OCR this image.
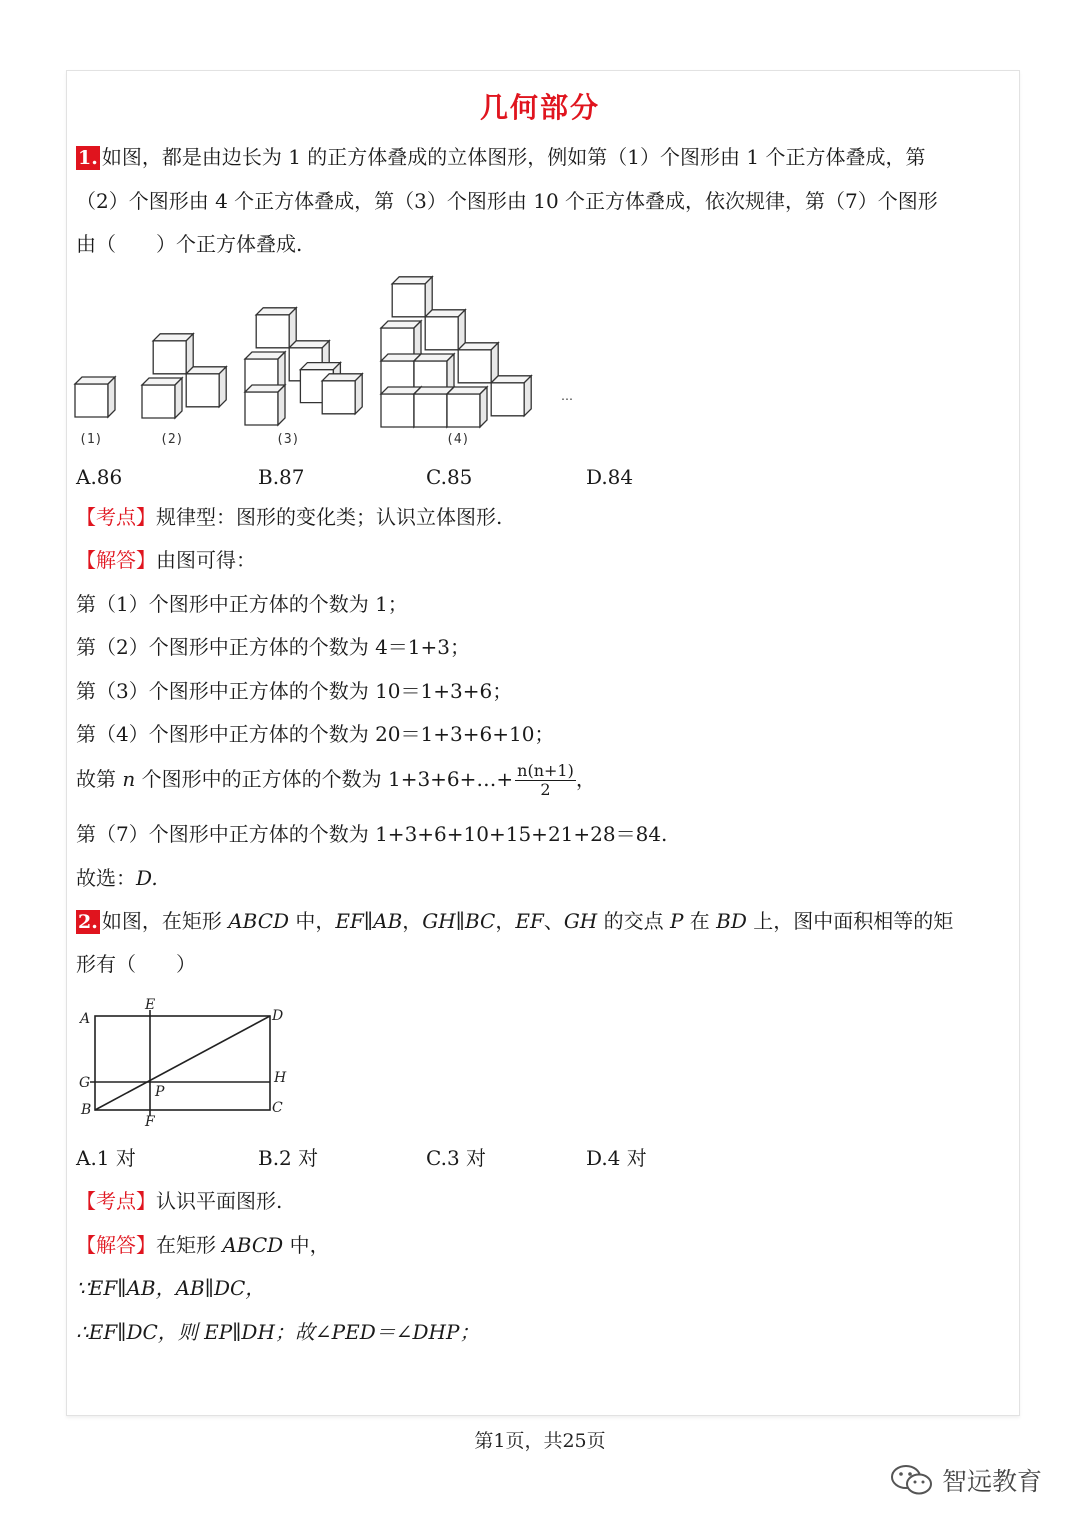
几何部分
1. 如图，都是由边长为 1 的正方体叠成的立体图形，例如第（1）个图形由 1 个正方体叠成，第
（2）个图形由 4 个正方体叠成，第（3）个图形由 10 个正方体叠成，依次规律，第（7）个图形
由（　　）个正方体叠成.
(1)	(2)	(3)	(4)
…
A.86	B.87	C.85	D.84
【考点】规律型：图形的变化类；认识立体图形.
【解答】由图可得：
第（1）个图形中正方体的个数为 1；
第（2）个图形中正方体的个数为 4＝1+3；
第（3）个图形中正方体的个数为 10＝1+3+6；
第（4）个图形中正方体的个数为 20＝1+3+6+10；
故第 n 个图形中的正方体的个数为 1+3+6+…+ $\frac{n(n+1)}{2}$ ，
第（7）个图形中正方体的个数为 1+3+6+10+15+21+28＝84.
故选：D.
2. 如图，在矩形 ABCD 中，EF∥AB，GH∥BC，EF、GH 的交点 P 在 BD 上，图中面积相等的矩
形有（　　）
A
E
D
G	H
B
F
C
P
A.1 对	B.2 对	C.3 对	D.4 对
【考点】认识平面图形.
【解答】在矩形 ABCD 中，
∵EF∥AB，AB∥DC，
∴EF∥DC，则 EP∥DH；故∠PED＝∠DHP；
第1页，共25页
智远教育
